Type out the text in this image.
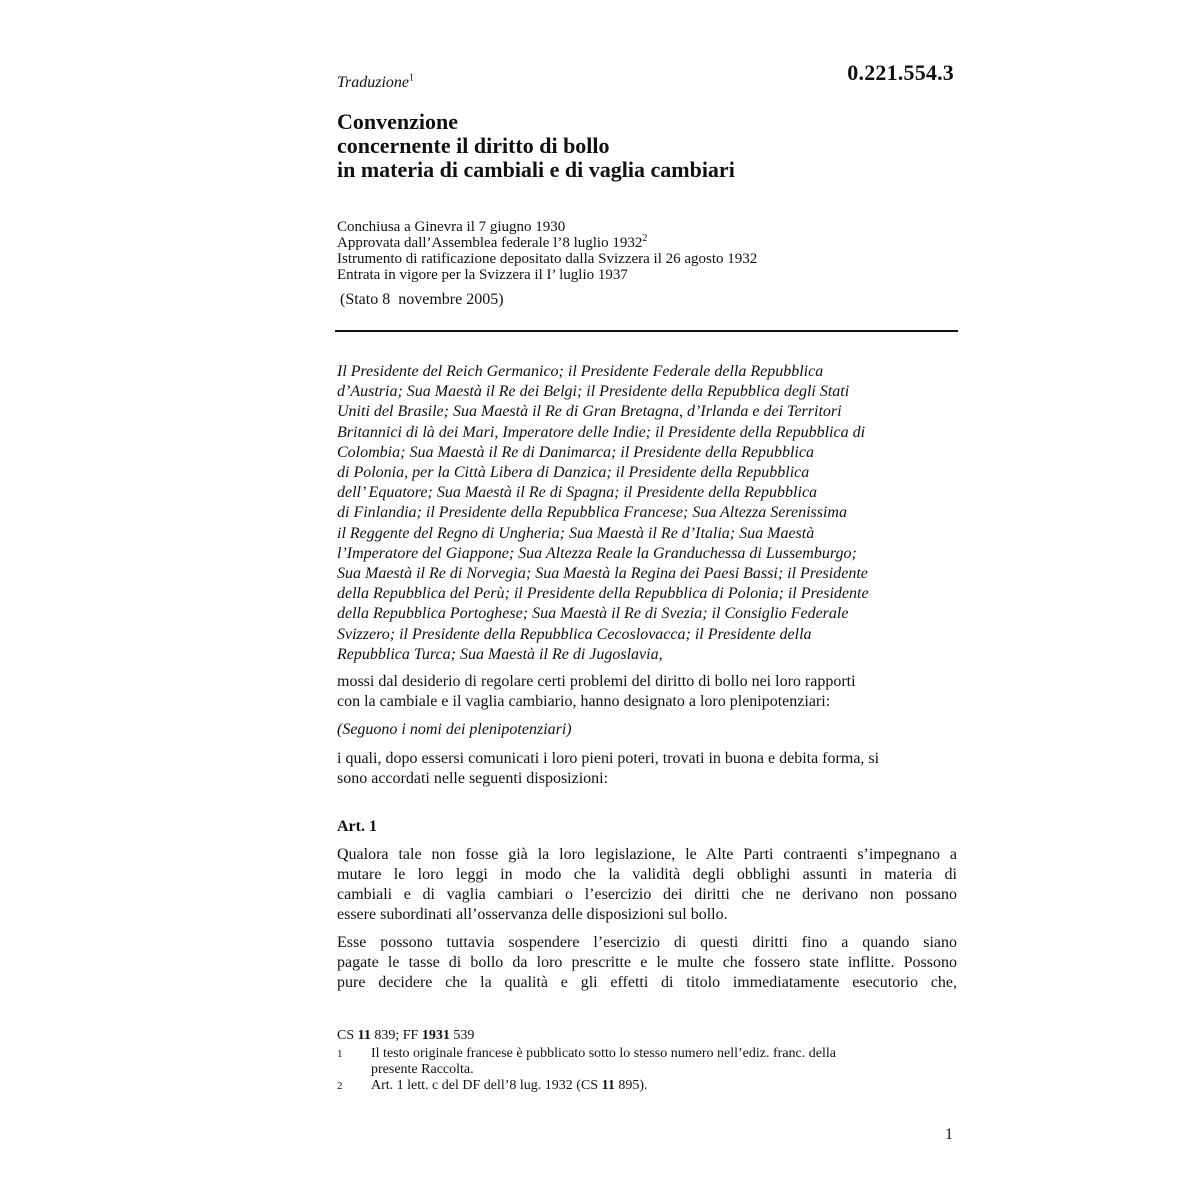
0.221.554.3
Traduzione$^1$
Convenzione
concernente il diritto di bollo
in materia di cambiali e di vaglia cambiari
Conchiusa a Ginevra il 7 giugno 1930
Approvata dall’Assemblea federale l’8 luglio 1932$^2$
Istrumento di ratificazione depositato dalla Svizzera il 26 agosto 1932
Entrata in vigore per la Svizzera il I’ luglio 1937
(Stato 8  novembre 2005)
Il Presidente del Reich Germanico; il Presidente Federale della Repubblica
d’Austria; Sua Maestà il Re dei Belgi; il Presidente della Repubblica degli Stati
Uniti del Brasile; Sua Maestà il Re di Gran Bretagna, d’Irlanda e dei Territori
Britannici di là dei Mari, Imperatore delle Indie; il Presidente della Repubblica di
Colombia; Sua Maestà il Re di Danimarca; il Presidente della Repubblica
di Polonia, per la Città Libera di Danzica; il Presidente della Repubblica
dell’ Equatore; Sua Maestà il Re di Spagna; il Presidente della Repubblica
di Finlandia; il Presidente della Repubblica Francese; Sua Altezza Serenissima
il Reggente del Regno di Ungheria; Sua Maestà il Re d’Italia; Sua Maestà
l’Imperatore del Giappone; Sua Altezza Reale la Granduchessa di Lussemburgo;
Sua Maestà il Re di Norvegia; Sua Maestà la Regina dei Paesi Bassi; il Presidente
della Repubblica del Perù; il Presidente della Repubblica di Polonia; il Presidente
della Repubblica Portoghese; Sua Maestà il Re di Svezia; il Consiglio Federale
Svizzero; il Presidente della Repubblica Cecoslovacca; il Presidente della
Repubblica Turca; Sua Maestà il Re di Jugoslavia,
mossi dal desiderio di regolare certi problemi del diritto di bollo nei loro rapporti
con la cambiale e il vaglia cambiario, hanno designato a loro plenipotenziari:
(Seguono i nomi dei plenipotenziari)
i quali, dopo essersi comunicati i loro pieni poteri, trovati in buona e debita forma, si
sono accordati nelle seguenti disposizioni:
Art. 1
Qualora tale non fosse già la loro legislazione, le Alte Parti contraenti s’impegnano a
mutare le loro leggi in modo che la validità degli obblighi assunti in materia di
cambiali e di vaglia cambiari o l’esercizio dei diritti che ne derivano non possano
essere subordinati all’osservanza delle disposizioni sul bollo.
Esse possono tuttavia sospendere l’esercizio di questi diritti fino a quando siano
pagate le tasse di bollo da loro prescritte e le multe che fossero state inflitte. Possono
pure decidere che la qualità e gli effetti di titolo immediatamente esecutorio che,
CS 11 839; FF 1931 539
1	Il testo originale francese è pubblicato sotto lo stesso numero nell’ediz. franc. della
presente Raccolta.
2	Art. 1 lett. c del DF dell’8 lug. 1932 (CS 11 895).
1
